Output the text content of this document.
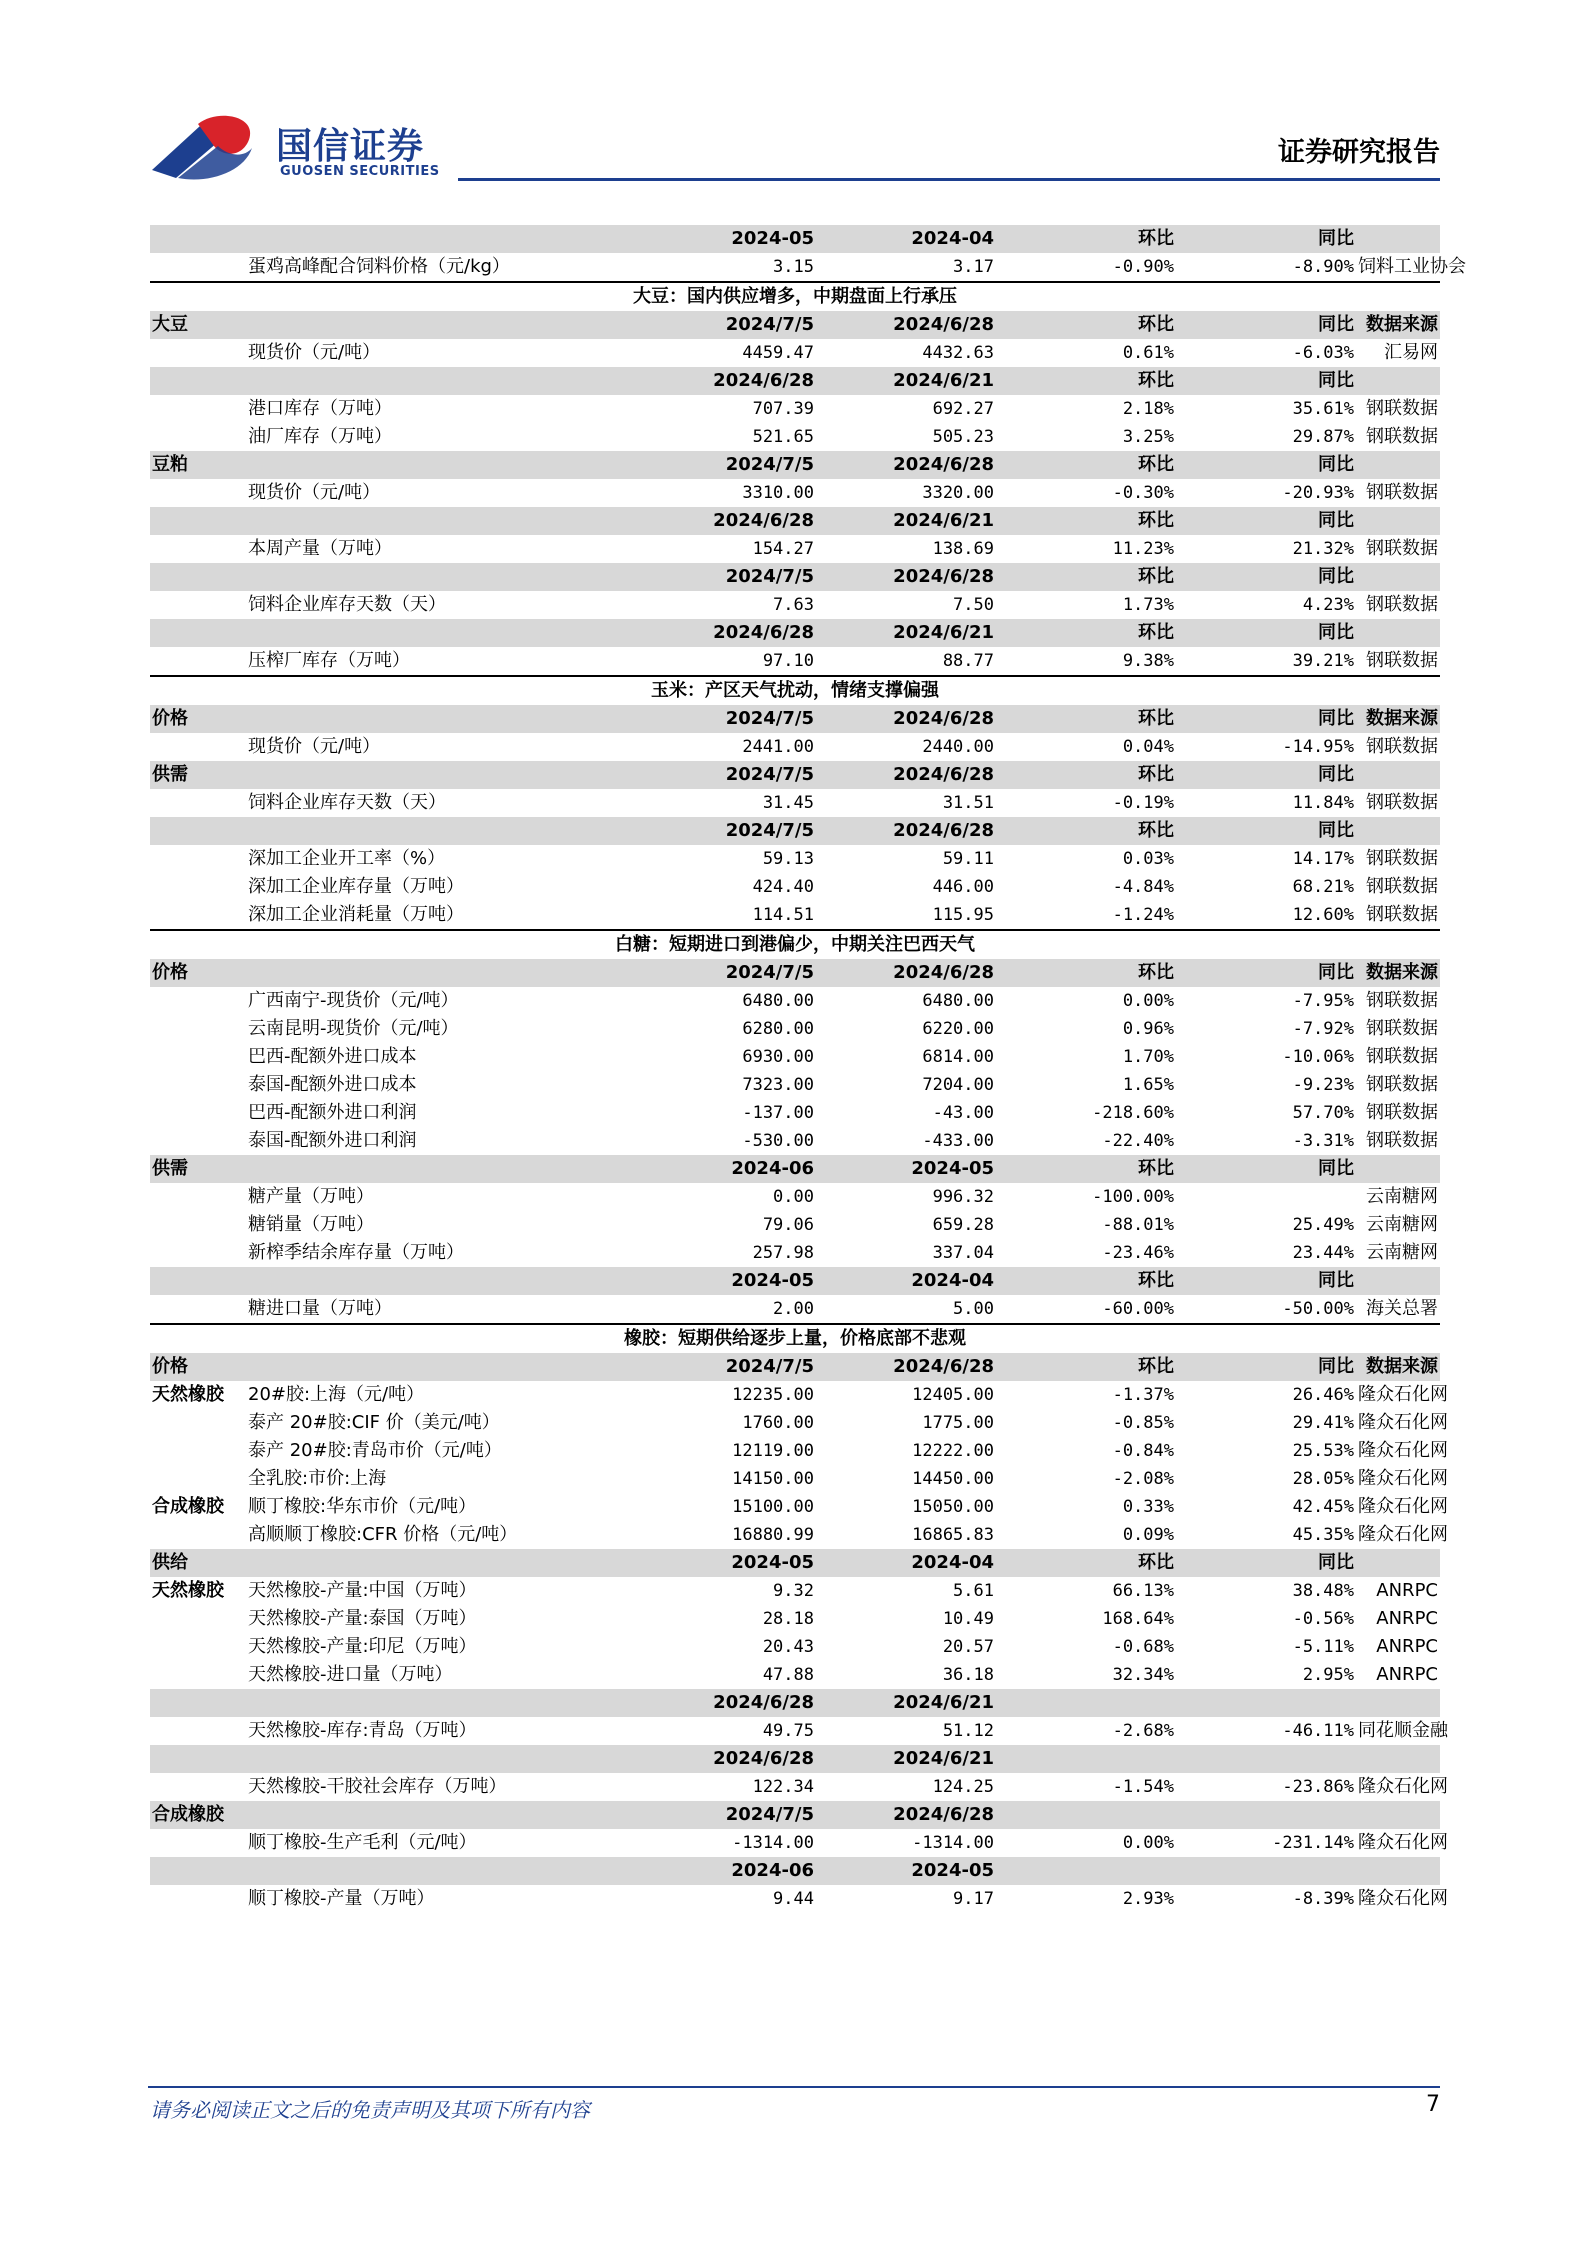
国信证券
GUOSEN SECURITIES
证券研究报告
		2024-05	2024-04	环比	同比	
	蛋鸡高峰配合饲料价格（元/kg）	3.15	3.17	-0.90%	-8.90%	饲料工业协会
大豆：国内供应增多，中期盘面上行承压						
大豆		2024/7/5	2024/6/28	环比	同比	数据来源
	现货价（元/吨）	4459.47	4432.63	0.61%	-6.03%	汇易网
		2024/6/28	2024/6/21	环比	同比	
	港口库存（万吨）	707.39	692.27	2.18%	35.61%	钢联数据
	油厂库存（万吨）	521.65	505.23	3.25%	29.87%	钢联数据
豆粕		2024/7/5	2024/6/28	环比	同比	
	现货价（元/吨）	3310.00	3320.00	-0.30%	-20.93%	钢联数据
		2024/6/28	2024/6/21	环比	同比	
	本周产量（万吨）	154.27	138.69	11.23%	21.32%	钢联数据
		2024/7/5	2024/6/28	环比	同比	
	饲料企业库存天数（天）	7.63	7.50	1.73%	4.23%	钢联数据
		2024/6/28	2024/6/21	环比	同比	
	压榨厂库存（万吨）	97.10	88.77	9.38%	39.21%	钢联数据
玉米：产区天气扰动，情绪支撑偏强						
价格		2024/7/5	2024/6/28	环比	同比	数据来源
	现货价（元/吨）	2441.00	2440.00	0.04%	-14.95%	钢联数据
供需		2024/7/5	2024/6/28	环比	同比	
	饲料企业库存天数（天）	31.45	31.51	-0.19%	11.84%	钢联数据
		2024/7/5	2024/6/28	环比	同比	
	深加工企业开工率（%）	59.13	59.11	0.03%	14.17%	钢联数据
	深加工企业库存量（万吨）	424.40	446.00	-4.84%	68.21%	钢联数据
	深加工企业消耗量（万吨）	114.51	115.95	-1.24%	12.60%	钢联数据
白糖：短期进口到港偏少，中期关注巴西天气						
价格		2024/7/5	2024/6/28	环比	同比	数据来源
	广西南宁-现货价（元/吨）	6480.00	6480.00	0.00%	-7.95%	钢联数据
	云南昆明-现货价（元/吨）	6280.00	6220.00	0.96%	-7.92%	钢联数据
	巴西-配额外进口成本	6930.00	6814.00	1.70%	-10.06%	钢联数据
	泰国-配额外进口成本	7323.00	7204.00	1.65%	-9.23%	钢联数据
	巴西-配额外进口利润	-137.00	-43.00	-218.60%	57.70%	钢联数据
	泰国-配额外进口利润	-530.00	-433.00	-22.40%	-3.31%	钢联数据
供需		2024-06	2024-05	环比	同比	
	糖产量（万吨）	0.00	996.32	-100.00%		云南糖网
	糖销量（万吨）	79.06	659.28	-88.01%	25.49%	云南糖网
	新榨季结余库存量（万吨）	257.98	337.04	-23.46%	23.44%	云南糖网
		2024-05	2024-04	环比	同比	
	糖进口量（万吨）	2.00	5.00	-60.00%	-50.00%	海关总署
橡胶：短期供给逐步上量，价格底部不悲观						
价格		2024/7/5	2024/6/28	环比	同比	数据来源
天然橡胶	20#胶:上海（元/吨）	12235.00	12405.00	-1.37%	26.46%	隆众石化网
	泰产 20#胶:CIF 价（美元/吨）	1760.00	1775.00	-0.85%	29.41%	隆众石化网
	泰产 20#胶:青岛市价（元/吨）	12119.00	12222.00	-0.84%	25.53%	隆众石化网
	全乳胶:市价:上海	14150.00	14450.00	-2.08%	28.05%	隆众石化网
合成橡胶	顺丁橡胶:华东市价（元/吨）	15100.00	15050.00	0.33%	42.45%	隆众石化网
	高顺顺丁橡胶:CFR 价格（元/吨）	16880.99	16865.83	0.09%	45.35%	隆众石化网
供给		2024-05	2024-04	环比	同比	
天然橡胶	天然橡胶-产量:中国（万吨）	9.32	5.61	66.13%	38.48%	ANRPC
	天然橡胶-产量:泰国（万吨）	28.18	10.49	168.64%	-0.56%	ANRPC
	天然橡胶-产量:印尼（万吨）	20.43	20.57	-0.68%	-5.11%	ANRPC
	天然橡胶-进口量（万吨）	47.88	36.18	32.34%	2.95%	ANRPC
		2024/6/28	2024/6/21			
	天然橡胶-库存:青岛（万吨）	49.75	51.12	-2.68%	-46.11%	同花顺金融
		2024/6/28	2024/6/21			
	天然橡胶-干胶社会库存（万吨）	122.34	124.25	-1.54%	-23.86%	隆众石化网
合成橡胶		2024/7/5	2024/6/28			
	顺丁橡胶-生产毛利（元/吨）	-1314.00	-1314.00	0.00%	-231.14%	隆众石化网
		2024-06	2024-05			
	顺丁橡胶-产量（万吨）	9.44	9.17	2.93%	-8.39%	隆众石化网
请务必阅读正文之后的免责声明及其项下所有内容	7
